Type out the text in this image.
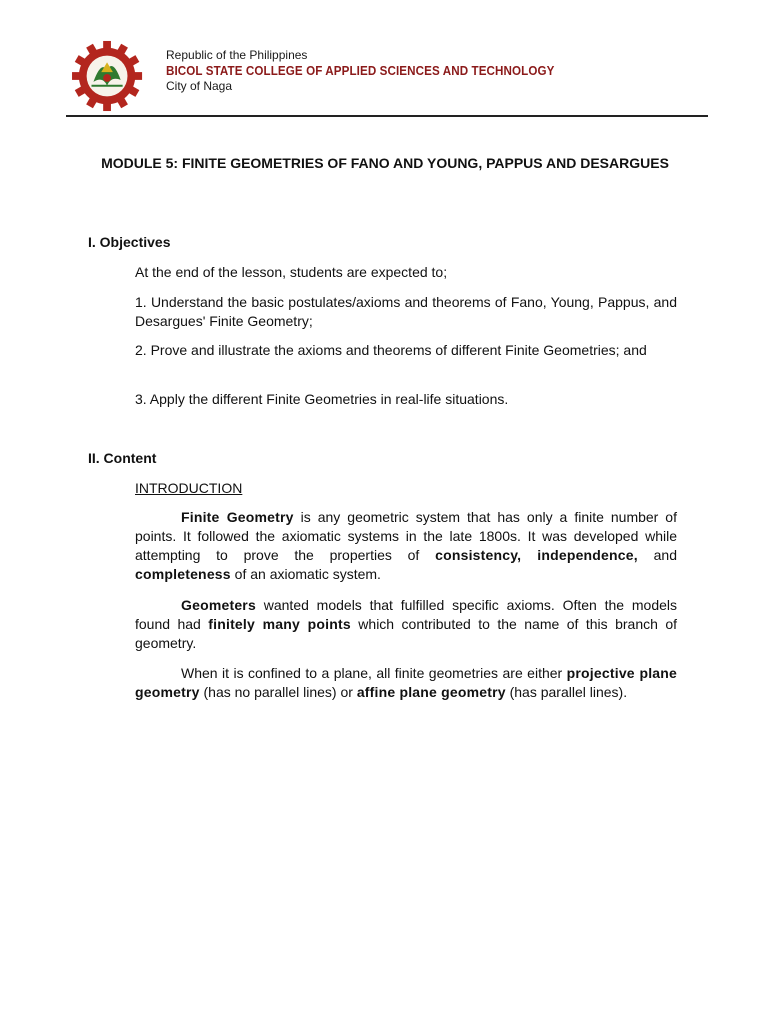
Republic of the Philippines
BICOL STATE COLLEGE OF APPLIED SCIENCES AND TECHNOLOGY
City of Naga
MODULE 5: FINITE GEOMETRIES OF FANO AND YOUNG, PAPPUS AND DESARGUES
I. Objectives
At the end of the lesson, students are expected to;
1. Understand the basic postulates/axioms and theorems of Fano, Young, Pappus, and Desargues' Finite Geometry;
2. Prove and illustrate the axioms and theorems of different Finite Geometries; and
3. Apply the different Finite Geometries in real-life situations.
II. Content
INTRODUCTION
Finite Geometry is any geometric system that has only a finite number of points. It followed the axiomatic systems in the late 1800s. It was developed while attempting to prove the properties of consistency, independence, and completeness of an axiomatic system.
Geometers wanted models that fulfilled specific axioms. Often the models found had finitely many points which contributed to the name of this branch of geometry.
When it is confined to a plane, all finite geometries are either projective plane geometry (has no parallel lines) or affine plane geometry (has parallel lines).
